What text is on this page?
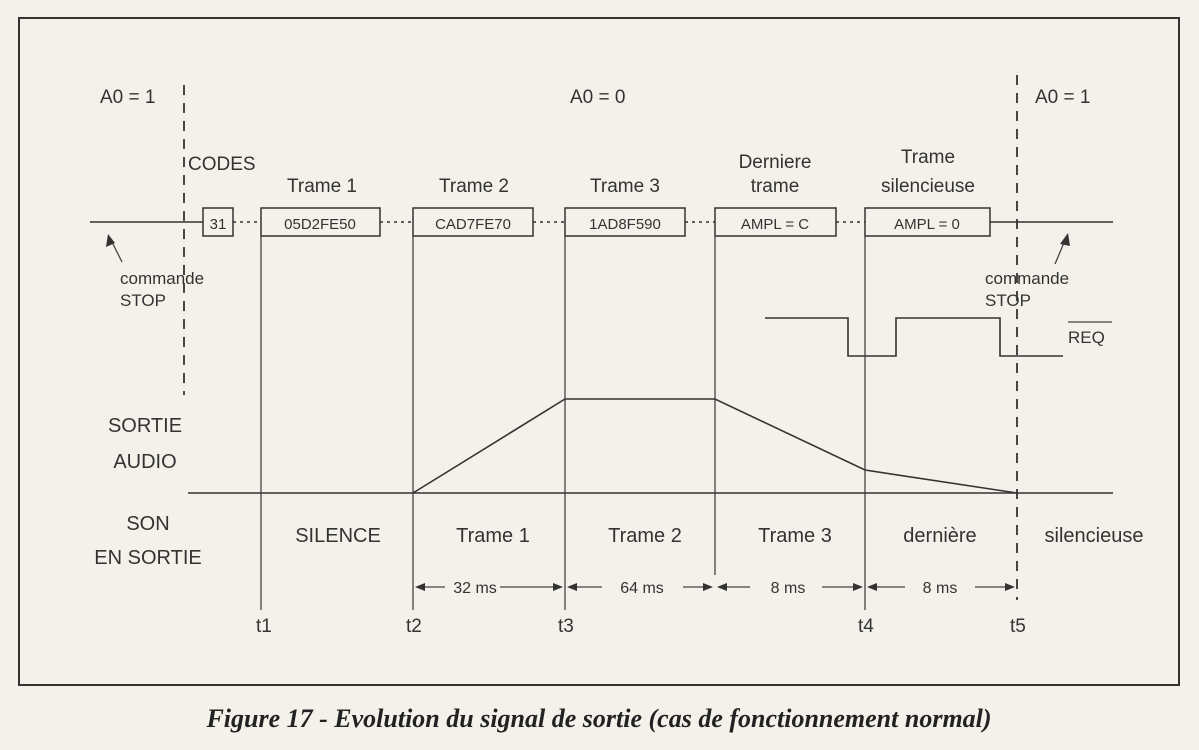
A0 = 1	A0 = 0	A0 = 1
CODES
Trame 1	Trame 2	Trame 3
Derniere
trame
Trame
silencieuse
31	05D2FE50	CAD7FE70	1AD8F590	AMPL = C	AMPL = 0
commande
STOP
commande
STOP
REQ
SORTIE
AUDIO
SON
EN SORTIE
SILENCE	Trame 1	Trame 2	Trame 3	dernière	silencieuse
32 ms	64 ms	8 ms	8 ms
t1	t2	t3	t4	t5
Figure 17 - Evolution du signal de sortie (cas de fonctionnement normal)
